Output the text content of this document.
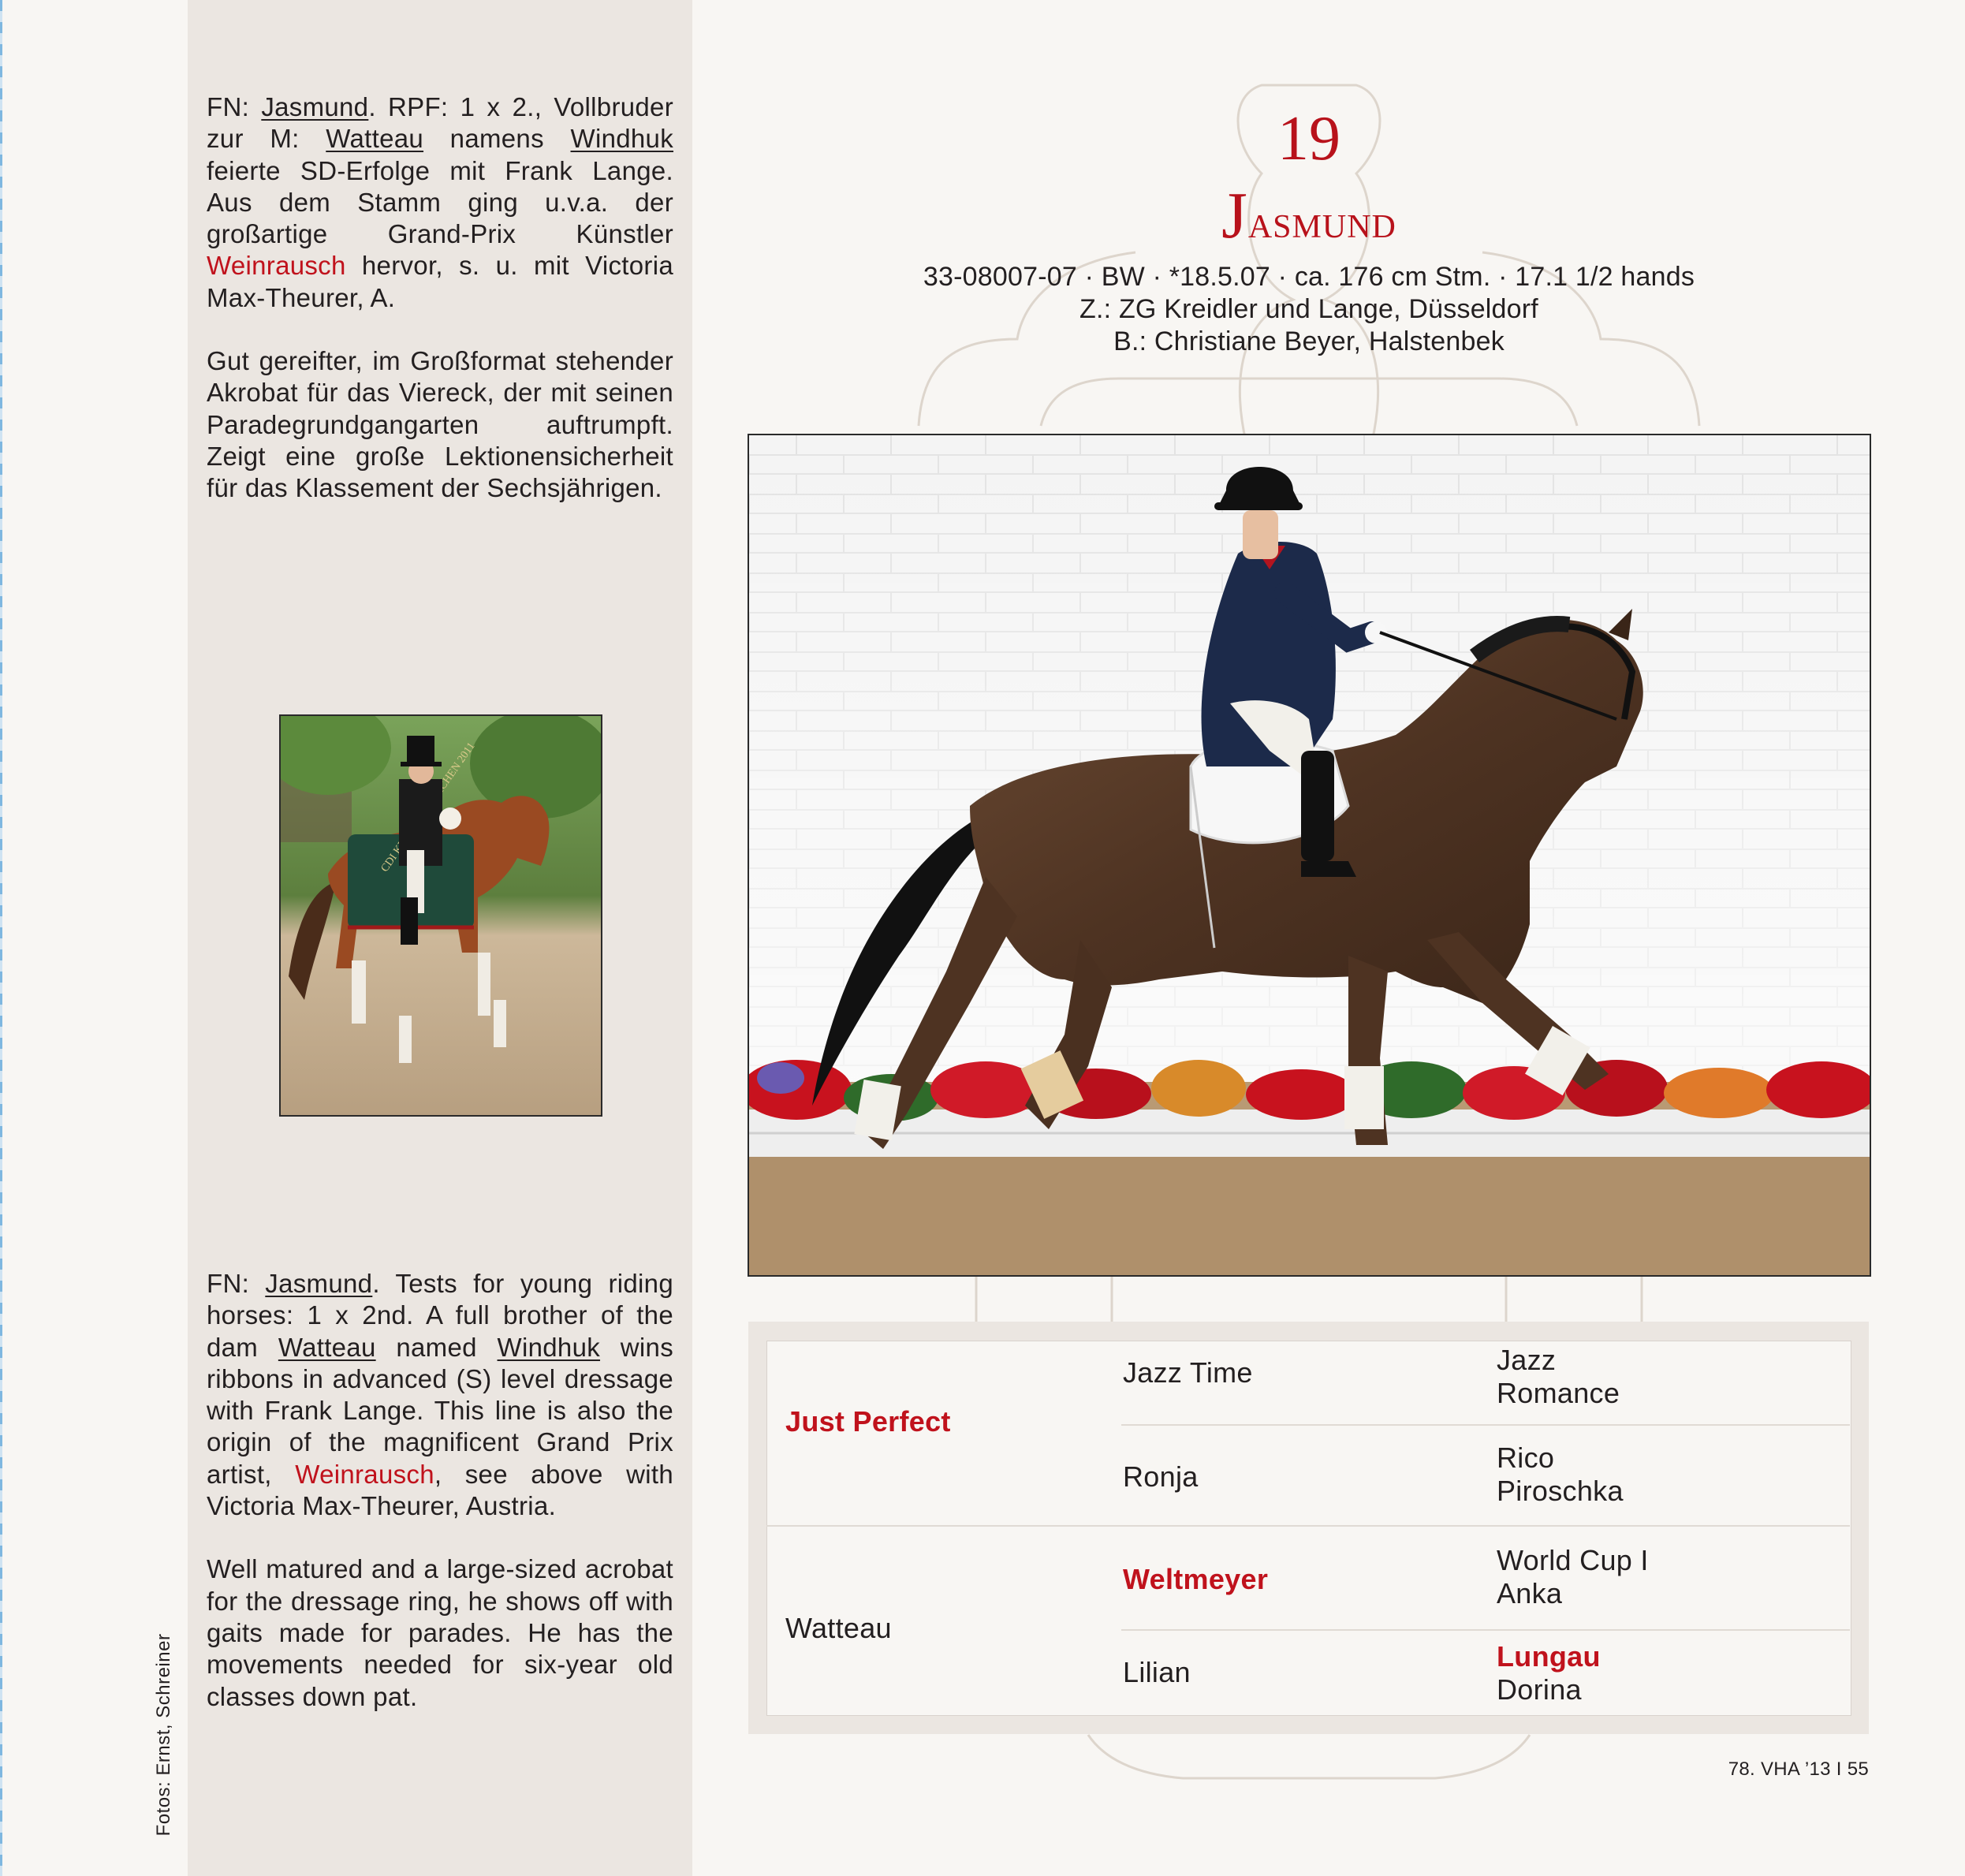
FN: Jasmund. RPF: 1 x 2., Vollbruder zur M: Watteau namens Windhuk feierte SD-Erfolge mit Frank Lange. Aus dem Stamm ging u.v.a. der großartige Grand-Prix Künstler Weinrausch hervor, s. u. mit Victoria Max-Theurer, A.

Gut gereifter, im Großformat stehender Akrobat für das Viereck, der mit seinen Paradegrundgangarten auftrumpft. Zeigt eine große Lektionensicherheit für das Klassement der Sechsjährigen.

CDI AACHEN 2011

FN: Jasmund. Tests for young riding horses: 1 x 2nd. A full brother of the dam Watteau named Windhuk wins ribbons in advanced (S) level dressage with Frank Lange. This line is also the origin of the magnificent Grand Prix artist, Weinrausch, see above with Victoria Max-Theurer, Austria.

Well matured and a large-sized acrobat for the dressage ring, he shows off with gaits made for parades. He has the movements needed for six-year old classes down pat.

Fotos: Ernst, Schreiner
19
Jasmund
33-08007-07 · BW · *18.5.07 · ca. 176 cm Stm. · 17.1 1/2 hands
Z.: ZG Kreidler und Lange, Düsseldorf
B.: Christiane Beyer, Halstenbek
Just Perfect
Watteau
Jazz Time
Ronja
Weltmeyer
Lilian
Jazz
Romance
Rico
Piroschka
World Cup I
Anka
Lungau
Dorina
78. VHA ’13 I 55
